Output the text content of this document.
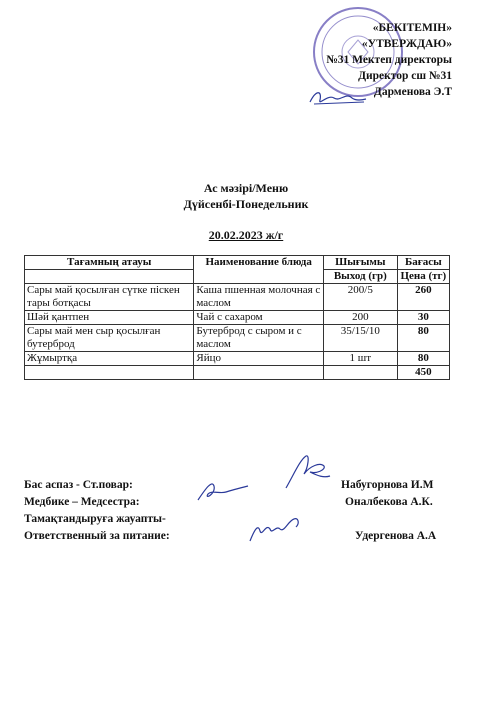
«БЕКІТЕМІН»
«УТВЕРЖДАЮ»
№31 Мектеп директоры
Директор сш №31
Дарменова Э.Т
Ас мәзірі/Меню
Дүйсенбі-Понедельник
20.02.2023 ж/г
Тағамның атауы	Наименование блюда	Шығымы	Бағасы
		Выход (гр)	Цена (тг)
Сары май қосылған сүтке піскен тары ботқасы	Каша пшенная молочная с маслом	200/5	260
Шәй қантпен	Чай с сахаром	200	30
Сары май мен сыр қосылған бутерброд	Бутерброд с сыром и с маслом	35/15/10	80
Жұмыртқа	Яйцо	1 шт	80
			450
Бас аспаз - Ст.повар:
Медбике – Медсестра:
Тамақтандыруға жауапты-
Ответственный за питание:
Набугорнова И.М
Оналбекова А.К.
Удергенова А.А
